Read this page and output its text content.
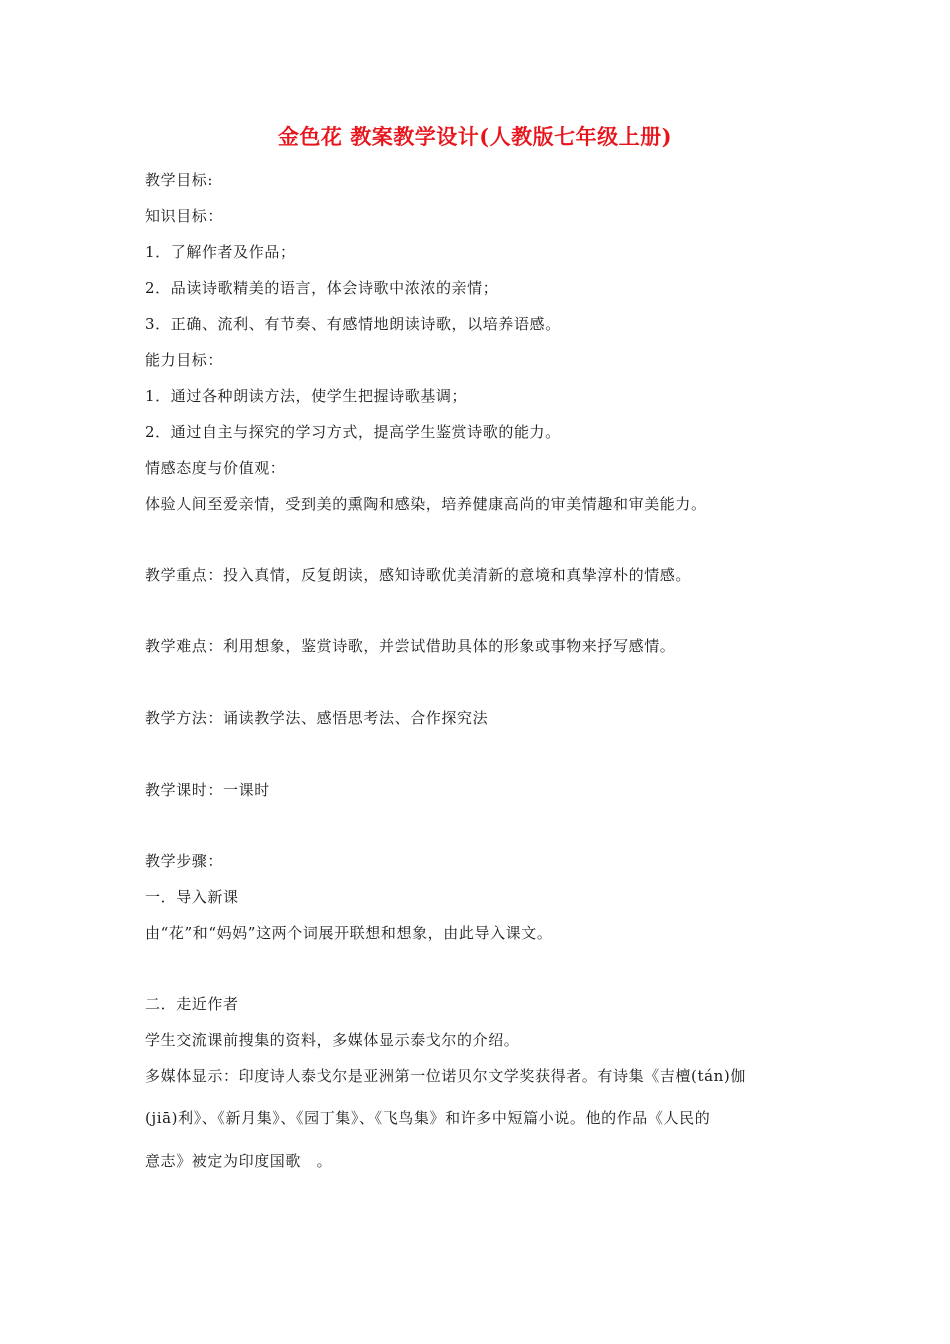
金色花 教案教学设计(人教版七年级上册)
教学目标:
知识目标：
1．了解作者及作品；
2．品读诗歌精美的语言，体会诗歌中浓浓的亲情；
3．正确、流利、有节奏、有感情地朗读诗歌，以培养语感。
能力目标：
1．通过各种朗读方法，使学生把握诗歌基调；
2．通过自主与探究的学习方式，提高学生鉴赏诗歌的能力。
情感态度与价值观：
体验人间至爱亲情，受到美的熏陶和感染，培养健康高尚的审美情趣和审美能力。
教学重点：投入真情，反复朗读，感知诗歌优美清新的意境和真挚淳朴的情感。
教学难点：利用想象，鉴赏诗歌，并尝试借助具体的形象或事物来抒写感情。
教学方法：诵读教学法、感悟思考法、合作探究法
教学课时：一课时
教学步骤：
一．导入新课
由“花”和“妈妈”这两个词展开联想和想象，由此导入课文。
二．走近作者
学生交流课前搜集的资料，多媒体显示泰戈尔的介绍。
多媒体显示：印度诗人泰戈尔是亚洲第一位诺贝尔文学奖获得者。有诗集《吉檀(tán)伽
(jiā)利》、《新月集》、《园丁集》、《飞鸟集》和许多中短篇小说。他的作品《人民的
意志》被定为印度国歌　。
